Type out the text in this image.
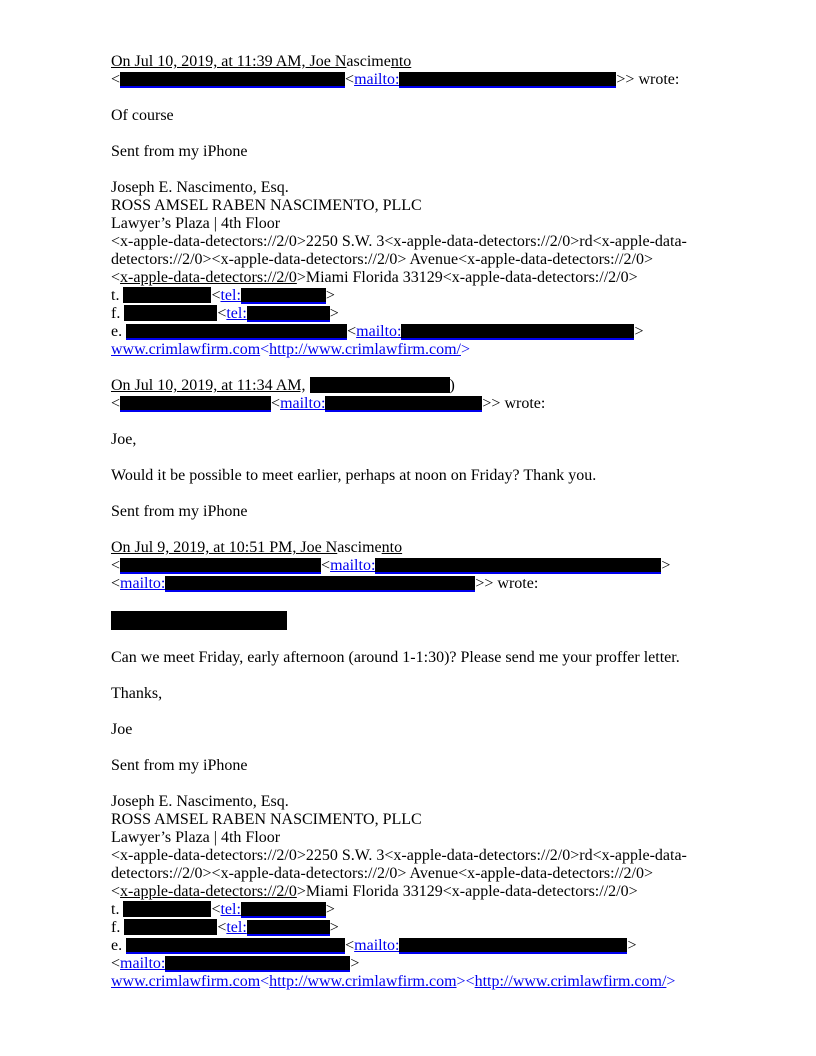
On Jul 10, 2019, at 11:39 AM, Joe Nascimento
<	<mailto:	>> wrote:
Of course
Sent from my iPhone
Joseph E. Nascimento, Esq.
ROSS AMSEL RABEN NASCIMENTO, PLLC
Lawyer’s Plaza | 4th Floor
<x-apple-data-detectors://2/0>2250 S.W. 3<x-apple-data-detectors://2/0>rd<x-apple-data-
detectors://2/0><x-apple-data-detectors://2/0> Avenue<x-apple-data-detectors://2/0>
<x-apple-data-detectors://2/0>Miami Florida 33129<x-apple-data-detectors://2/0>
t.	<tel:	>
f.	<tel:	>
e.	<mailto:	>
www.crimlawfirm.com<http://www.crimlawfirm.com/>
On Jul 10, 2019, at 11:34 AM,	)
<	<mailto:	>> wrote:
Joe,
Would it be possible to meet earlier, perhaps at noon on Friday? Thank you.
Sent from my iPhone
On Jul 9, 2019, at 10:51 PM, Joe Nascimento
<	<mailto:	>
<mailto:	>> wrote:
Can we meet Friday, early afternoon (around 1-1:30)? Please send me your proffer letter.
Thanks,
Joe
Sent from my iPhone
Joseph E. Nascimento, Esq.
ROSS AMSEL RABEN NASCIMENTO, PLLC
Lawyer’s Plaza | 4th Floor
<x-apple-data-detectors://2/0>2250 S.W. 3<x-apple-data-detectors://2/0>rd<x-apple-data-
detectors://2/0><x-apple-data-detectors://2/0> Avenue<x-apple-data-detectors://2/0>
<x-apple-data-detectors://2/0>Miami Florida 33129<x-apple-data-detectors://2/0>
t.	<tel:	>
f.	<tel:	>
e.	<mailto:	>
<mailto:	>
www.crimlawfirm.com<http://www.crimlawfirm.com><http://www.crimlawfirm.com/>
